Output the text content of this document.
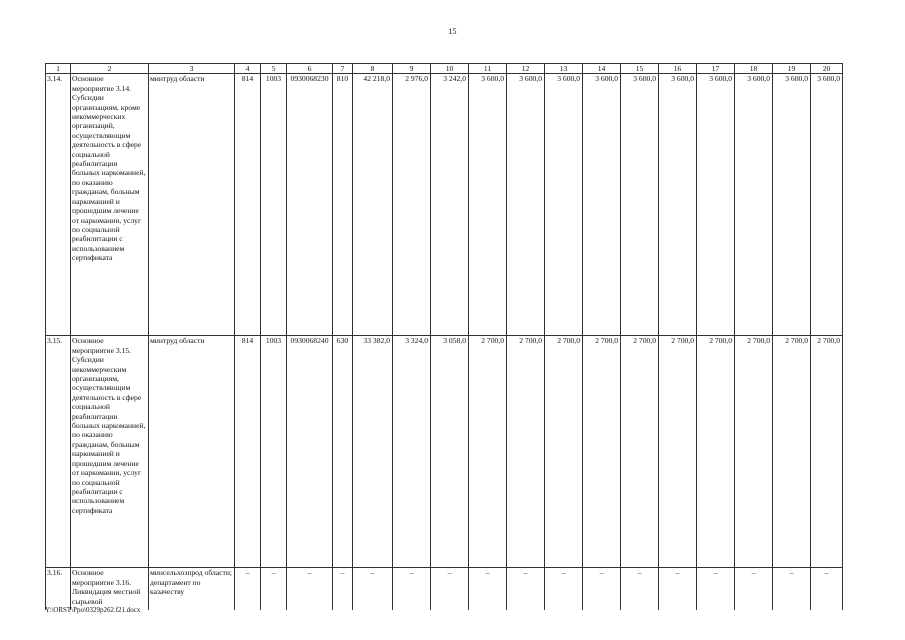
15
1	2	3	4	5	6	7	8	9	10	11	12	13	14	15	16	17	18	19	20
3.14.	Основное мероприятие 3.14. Субсидии организациям, кроме некоммерческих организаций, осуществляющим деятельность в сфере социальной реабилитации больных наркоманией, по оказанию гражданам, больным наркоманией и прошедшим лечение от наркомании, услуг по социальной реабилитации с использованием сертификата	минтруд области	814	1003	0930068230	810	42 218,0	2 976,0	3 242,0	3 600,0	3 600,0	3 600,0	3 600,0	3 600,0	3 600,0	3 600,0	3 600,0	3 600,0	3 600,0
3.15.	Основное мероприятие 3.15. Субсидии некоммерческим организациям, осуществляющим деятельность в сфере социальной реабилитации больных наркоманией, по оказанию гражданам, больным наркоманией и прошедшим лечение от наркомании, услуг по социальной реабилитации с использованием сертификата	минтруд области	814	1003	0930068240	630	33 382,0	3 324,0	3 058,0	2 700,0	2 700,0	2 700,0	2 700,0	2 700,0	2 700,0	2 700,0	2 700,0	2 700,0	2 700,0
3.16.	Основное мероприятие 3.16. Ликвидация местной сырьевой	минсельхозпрод области; департамент по казачеству	–	–	–	–	–	–	–	–	–	–	–	–	–	–	–	–	–
Y:\ORST\Ppo\0329p262.f21.docx
